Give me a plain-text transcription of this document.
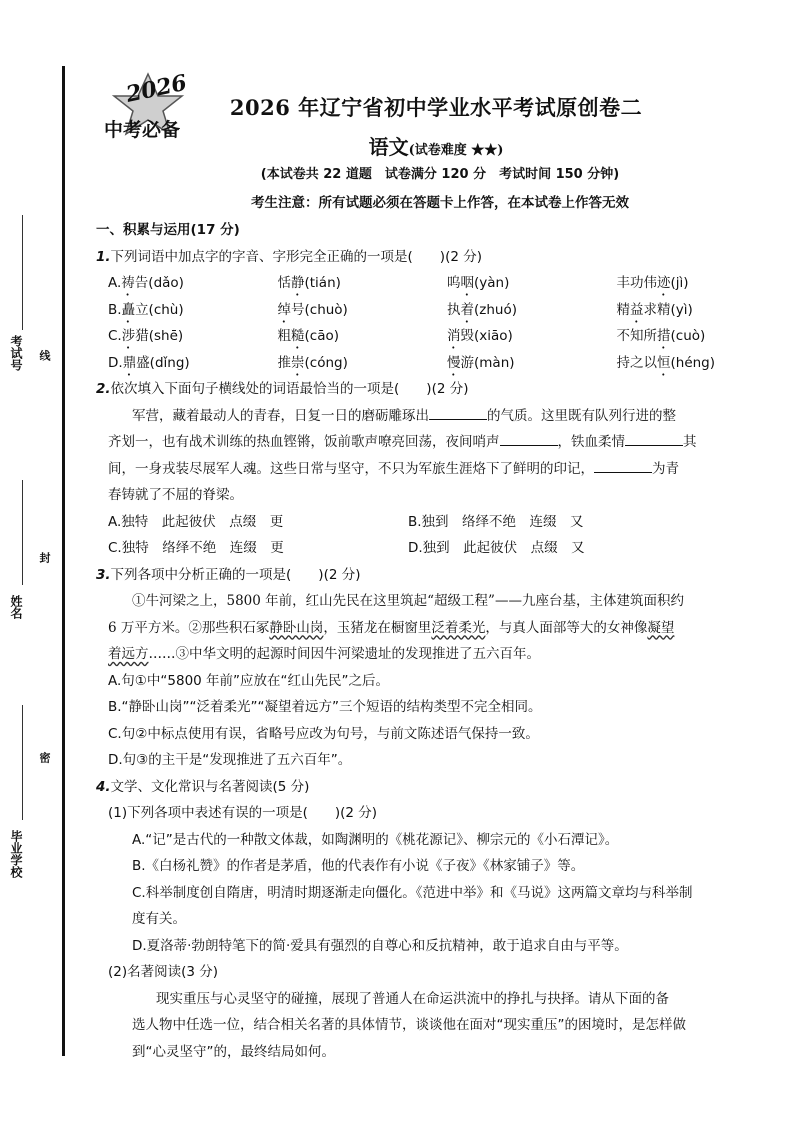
考试号 线
姓名
封
密
毕业学校
2026
中考必备
2026 年辽宁省初中学业水平考试原创卷二
语文(试卷难度 ★★)
(本试卷共 22 道题　试卷满分 120 分　考试时间 150 分钟)
考生注意：所有试题必须在答题卡上作答，在本试卷上作答无效
一、积累与运用(17 分)
1.下列词语中加点字的字音、字形完全正确的一项是(　　)(2 分)
A.祷告(dǎo)	恬静(tián)	呜咽(yàn)	丰功伟迹(jì)
B.矗立(chù)	绰号(chuò)	执着(zhuó)	精益求精(yì)
C.涉猎(shē)	粗糙(cāo)	消毁(xiāo)	不知所措(cuò)
D.鼎盛(dǐng)	推崇(cóng)	慢游(màn)	持之以恒(héng)
2.依次填入下面句子横线处的词语最恰当的一项是(　　)(2 分)
军营，藏着最动人的青春，日复一日的磨砺雕琢出	的气质。这里既有队列行进的整
齐划一，也有战术训练的热血铿锵，饭前歌声嘹亮回荡，夜间哨声	，铁血柔情	其
间，一身戎装尽展军人魂。这些日常与坚守，不只为军旅生涯烙下了鲜明的印记，	为青
春铸就了不屈的脊梁。
A.独特　此起彼伏　点缀　更	B.独到　络绎不绝　连缀　又
C.独特　络绎不绝　连缀　更	D.独到　此起彼伏　点缀　又
3.下列各项中分析正确的一项是(　　)(2 分)
①牛河梁之上，5800 年前，红山先民在这里筑起“超级工程”——九座台基，主体建筑面积约
6 万平方米。②那些积石冢静卧山岗，玉猪龙在橱窗里泛着柔光，与真人面部等大的女神像凝望
着远方……③中华文明的起源时间因牛河梁遗址的发现推进了五六百年。
A.句①中“5800 年前”应放在“红山先民”之后。
B.“静卧山岗”“泛着柔光”“凝望着远方”三个短语的结构类型不完全相同。
C.句②中标点使用有误，省略号应改为句号，与前文陈述语气保持一致。
D.句③的主干是“发现推进了五六百年”。
4.文学、文化常识与名著阅读(5 分)
(1)下列各项中表述有误的一项是(　　)(2 分)
A.“记”是古代的一种散文体裁，如陶渊明的《桃花源记》、柳宗元的《小石潭记》。
B.《白杨礼赞》的作者是茅盾，他的代表作有小说《子夜》《林家铺子》等。
C.科举制度创自隋唐，明清时期逐渐走向僵化。《范进中举》和《马说》这两篇文章均与科举制
度有关。
D.夏洛蒂·勃朗特笔下的简·爱具有强烈的自尊心和反抗精神，敢于追求自由与平等。
(2)名著阅读(3 分)
现实重压与心灵坚守的碰撞，展现了普通人在命运洪流中的挣扎与抉择。请从下面的备
选人物中任选一位，结合相关名著的具体情节，谈谈他在面对“现实重压”的困境时，是怎样做
到“心灵坚守”的，最终结局如何。
